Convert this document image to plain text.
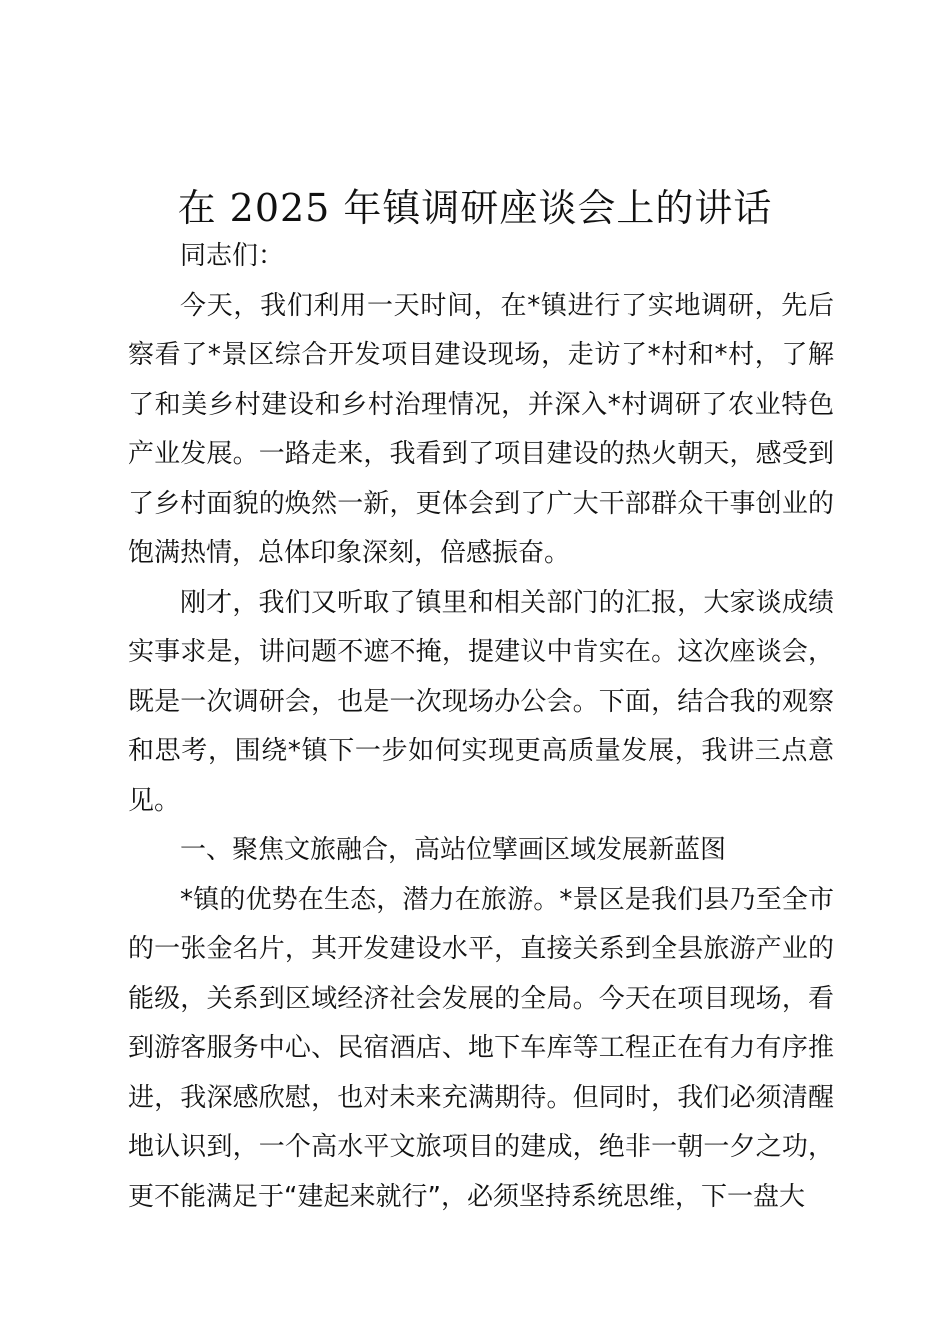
在 2025 年镇调研座谈会上的讲话

同志们：

今天，我们利用一天时间，在*镇进行了实地调研，先后察看了*景区综合开发项目建设现场，走访了*村和*村，了解了和美乡村建设和乡村治理情况，并深入*村调研了农业特色产业发展。一路走来，我看到了项目建设的热火朝天，感受到了乡村面貌的焕然一新，更体会到了广大干部群众干事创业的饱满热情，总体印象深刻，倍感振奋。

刚才，我们又听取了镇里和相关部门的汇报，大家谈成绩实事求是，讲问题不遮不掩，提建议中肯实在。这次座谈会，既是一次调研会，也是一次现场办公会。下面，结合我的观察和思考，围绕*镇下一步如何实现更高质量发展，我讲三点意见。

一、聚焦文旅融合，高站位擘画区域发展新蓝图

*镇的优势在生态，潜力在旅游。*景区是我们县乃至全市的一张金名片，其开发建设水平，直接关系到全县旅游产业的能级，关系到区域经济社会发展的全局。今天在项目现场，看到游客服务中心、民宿酒店、地下车库等工程正在有力有序推进，我深感欣慰，也对未来充满期待。但同时，我们必须清醒地认识到，一个高水平文旅项目的建成，绝非一朝一夕之功，更不能满足于“建起来就行”，必须坚持系统思维，下一盘大
